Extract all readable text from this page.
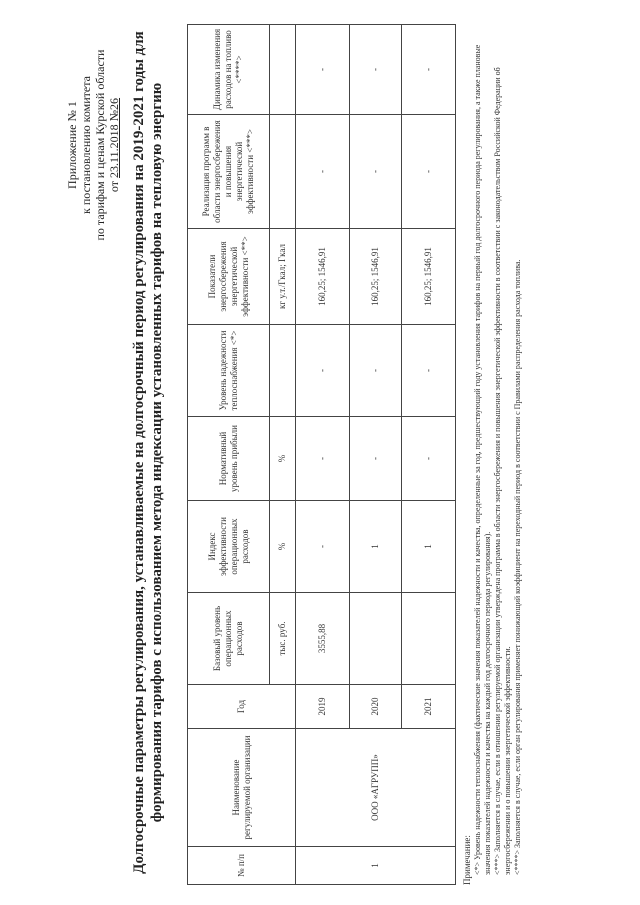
Приложение № 1 к постановлению комитета по тарифам и ценам Курской области от 23.11.2018 №26 Долгосрочные параметры регулирования, устанавливаемые на долгосрочный период регулирования на 2019-2021 годы для формирования тарифов с использованием метода индексации установленных тарифов на тепловую энергию
№ п/п	Наименование регулируемой организации	Год	Базовый уровень операционных расходов	Индекс эффективности операционных расходов	Нормативный уровень прибыли	Уровень надежности теплоснабжения <*>	Показатели энергосбережения энергетической эффективности <**>	Реализация программ в области энергосбережения и повышения энергетической эффективности <***>	Динамика изменения расходов на топливо <****>
			тыс. руб.	%	%		кг у.т./Гкал; Гкал		
1	ООО «АГРУПП»	2019	3555,88	-	-	-	160,25; 1546,91	-	-
		2020		1	-	-	160,25; 1546,91	-	-
		2021		1	-	-	160,25; 1546,91	-	-
Примечание: <*> Уровень надежности теплоснабжения (фактические значения показателей надежности и качества, определенные за год, предшествующий году установления тарифов на первый год долгосрочного периода регулирования, а также плановые значения показателей надежности и качества на каждый год долгосрочного периода регулирования). <***> Заполняется в случае, если в отношении регулируемой организации утверждена программа в области энергосбережения и повышения энергетической эффективности в соответствии с законодательством Российской Федерации об энергосбережении и о повышении энергетической эффективности. <****> Заполняется в случае, если орган регулирования применяет понижающий коэффициент на переходный период в соответствии с Правилами распределения расхода топлива.
